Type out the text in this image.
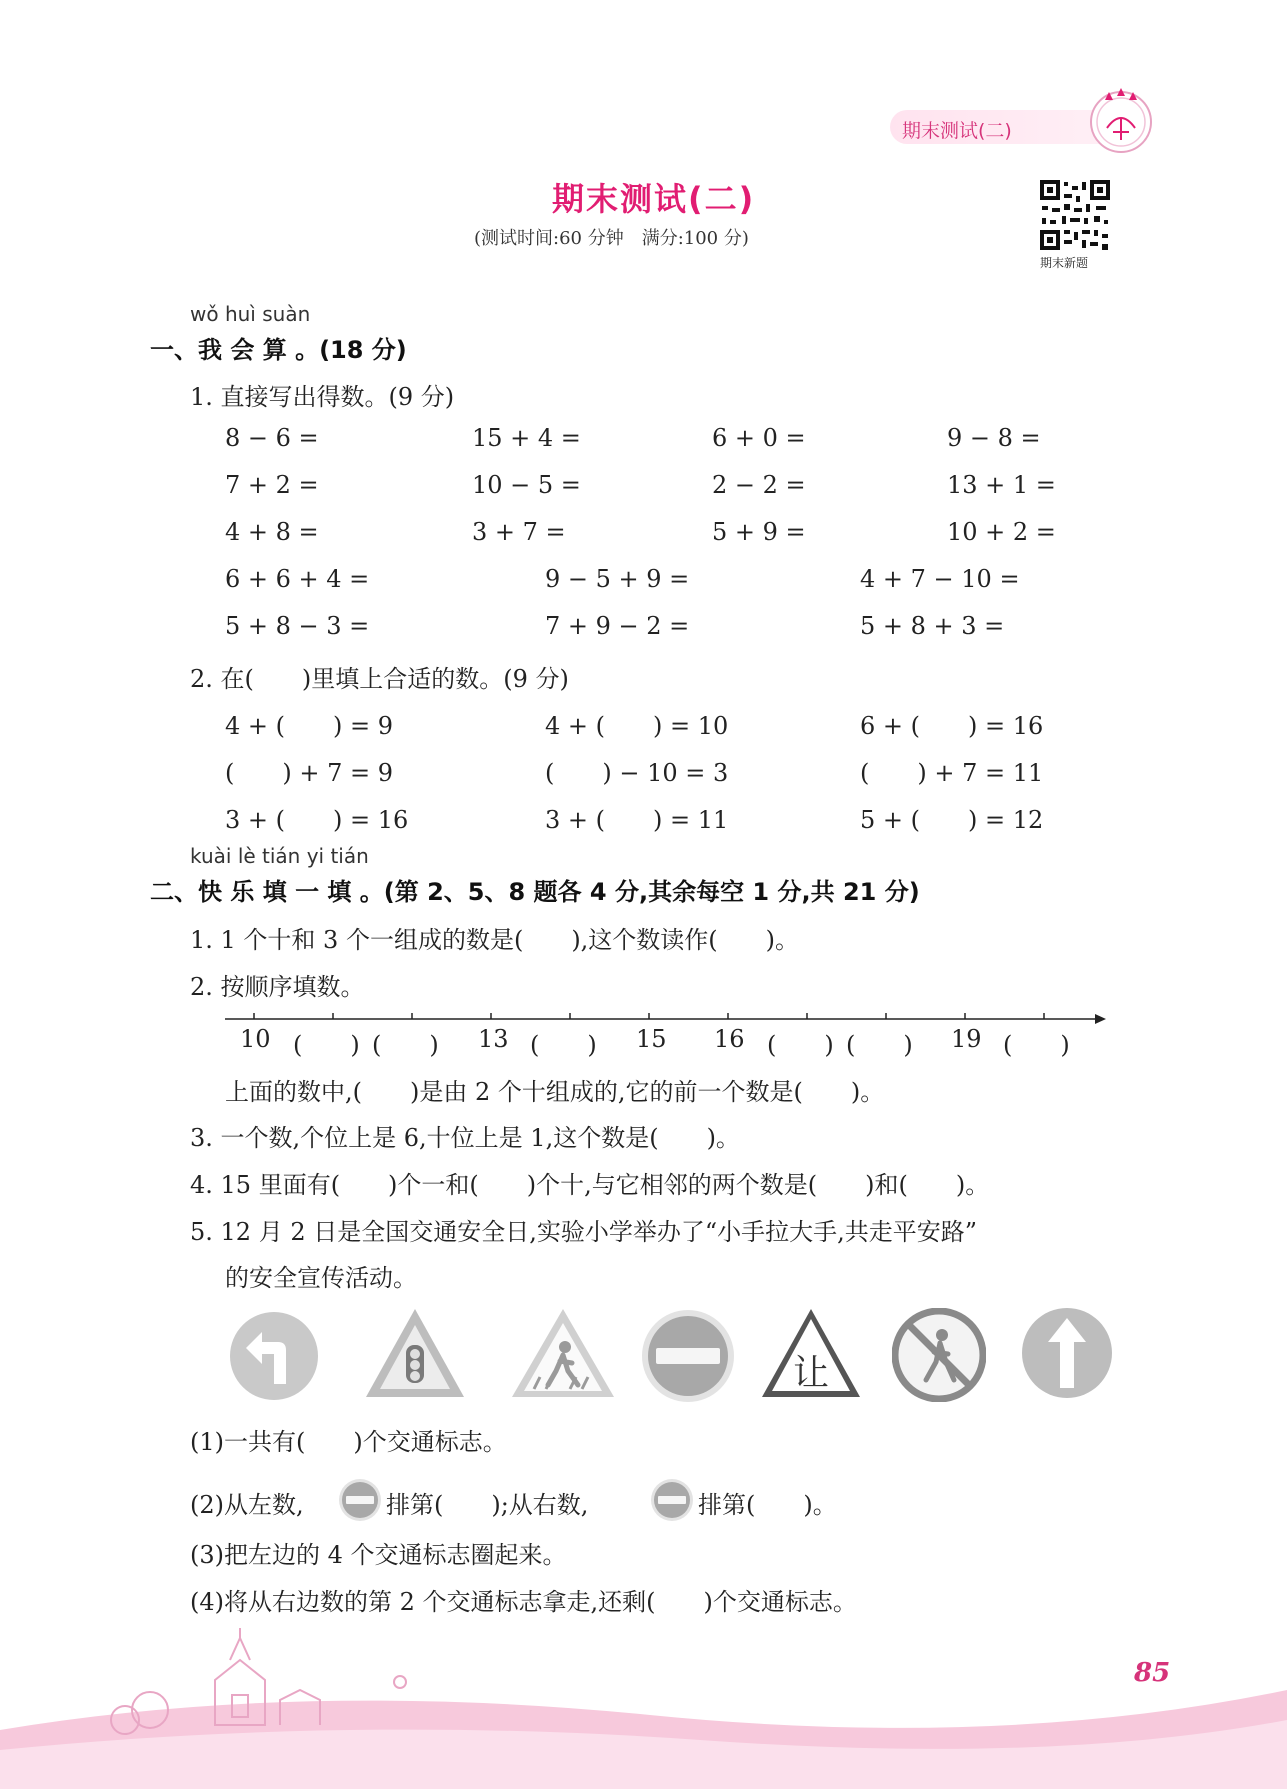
期末测试(二)
期末测试(二)
(测试时间:60 分钟　满分:100 分)
期末新题
wǒ huì suàn
一、我 会 算 。(18 分)
1. 直接写出得数。(9 分)
8 − 6 =	15 + 4 =	6 + 0 =	9 − 8 =
7 + 2 =	10 − 5 =	2 − 2 =	13 + 1 =
4 + 8 =	3 + 7 =	5 + 9 =	10 + 2 =
6 + 6 + 4 =	9 − 5 + 9 =	4 + 7 − 10 =
5 + 8 − 3 =	7 + 9 − 2 =	5 + 8 + 3 =
2. 在(　　)里填上合适的数。(9 分)
4 + (　　) = 9	4 + (　　) = 10	6 + (　　) = 16
(　　) + 7 = 9	(　　) − 10 = 3	(　　) + 7 = 11
3 + (　　) = 16	3 + (　　) = 11	5 + (　　) = 12
kuài lè tián yi tián
二、快 乐 填 一 填 。(第 2、5、8 题各 4 分,其余每空 1 分,共 21 分)
1. 1 个十和 3 个一组成的数是(　　),这个数读作(　　)。
2. 按顺序填数。
10 (　　) (　　) 13 (　　) 15 16 (　　) (　　) 19 (　　)
上面的数中,(　　)是由 2 个十组成的,它的前一个数是(　　)。
3. 一个数,个位上是 6,十位上是 1,这个数是(　　)。
4. 15 里面有(　　)个一和(　　)个十,与它相邻的两个数是(　　)和(　　)。
5. 12 月 2 日是全国交通安全日,实验小学举办了“小手拉大手,共走平安路”
的安全宣传活动。
让
(1)一共有(　　)个交通标志。
(2)从左数,	排第(　　);从右数,	排第(　　)。
(3)把左边的 4 个交通标志圈起来。
(4)将从右边数的第 2 个交通标志拿走,还剩(　　)个交通标志。
85
